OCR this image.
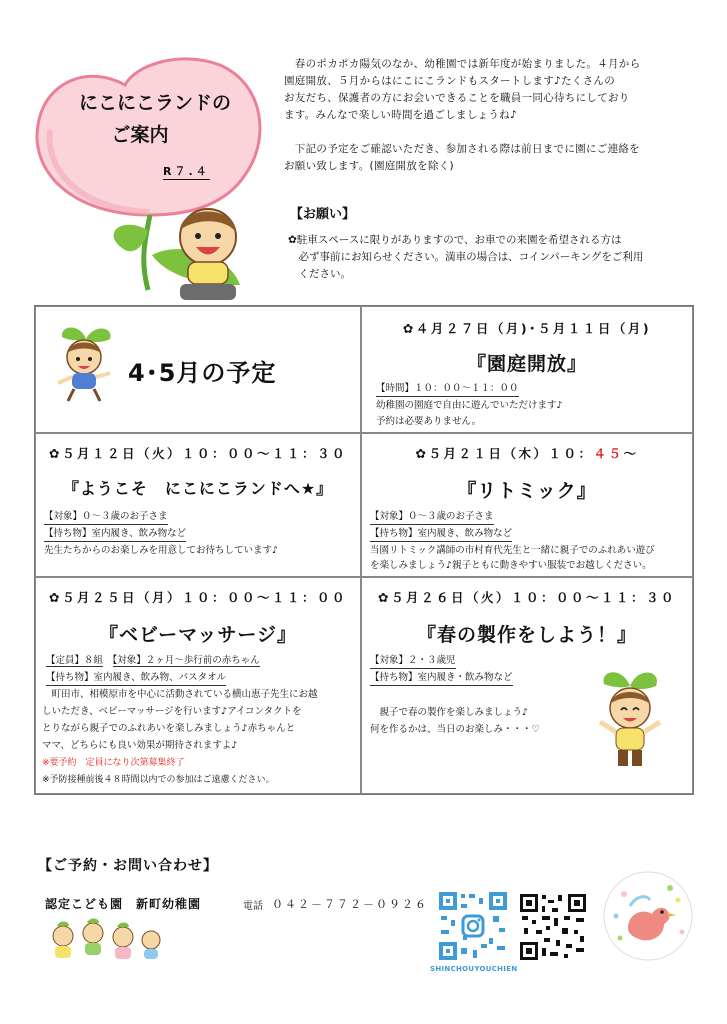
にこにこランドの
ご案内
R７.４

　春のポカポカ陽気のなか、幼稚園では新年度が始まりました。４月から

園庭開放、５月からはにこにこランドもスタートします♪たくさんの

お友だち、保護者の方にお会いできることを職員一同心待ちにしており

ます。みんなで楽しい時間を過ごしましょうね♪

　下記の予定をご確認いただき、参加される際は前日までに園にご連絡を

お願い致します。(園庭開放を除く)

【お願い】

✿駐車スペースに限りがありますので、お車での来園を希望される方は

　必ず事前にお知らせください。満車の場合は、コインパーキングをご利用

　ください。

4･5月の予定
✿４月２７日（月)･５月１１日（月)
『園庭開放』
【時間】１０：００～１１：００
幼稚園の園庭で自由に遊んでいただけます♪
予約は必要ありません。
✿５月１２日（火）１０：００～１１：３０
『ようこそ　にこにこランドへ★』
【対象】０～３歳のお子さま
【持ち物】室内履き、飲み物など
先生たちからのお楽しみを用意してお待ちしています♪
✿５月２１日（木）１０：４５～
『リトミック』
【対象】０～３歳のお子さま
【持ち物】室内履き、飲み物など
当園リトミック講師の市村育代先生と一緒に親子でのふれあい遊び
を楽しみましょう♪親子ともに動きやすい服装でお越しください。
✿５月２５日（月）１０：００～１１：００
『ベビーマッサージ』
【定員】８組　 【対象】２ヶ月～歩行前の赤ちゃん
【持ち物】室内履き、飲み物、バスタオル
　町田市、相模原市を中心に活動されている横山恵子先生にお越
しいただき、ベビーマッサージを行います♪アイコンタクトを
とりながら親子でのふれあいを楽しみましょう♪赤ちゃんと
ママ、どちらにも良い効果が期待されますよ♪
※要予約　定員になり次第募集終了
※予防接種前後４８時間以内での参加はご遠慮ください。
✿５月２６日（火）１０：００～１１：３０
『春の製作をしよう！』
【対象】２・３歳児
【持ち物】室内履き・飲み物など
　親子で春の製作を楽しみましょう♪
何を作るかは、当日のお楽しみ・・・♡
【ご予約・お問い合わせ】
認定こども園　新町幼稚園	電話 ０４２－７７２－０９２６
SHINCHOUYOUCHIEN
